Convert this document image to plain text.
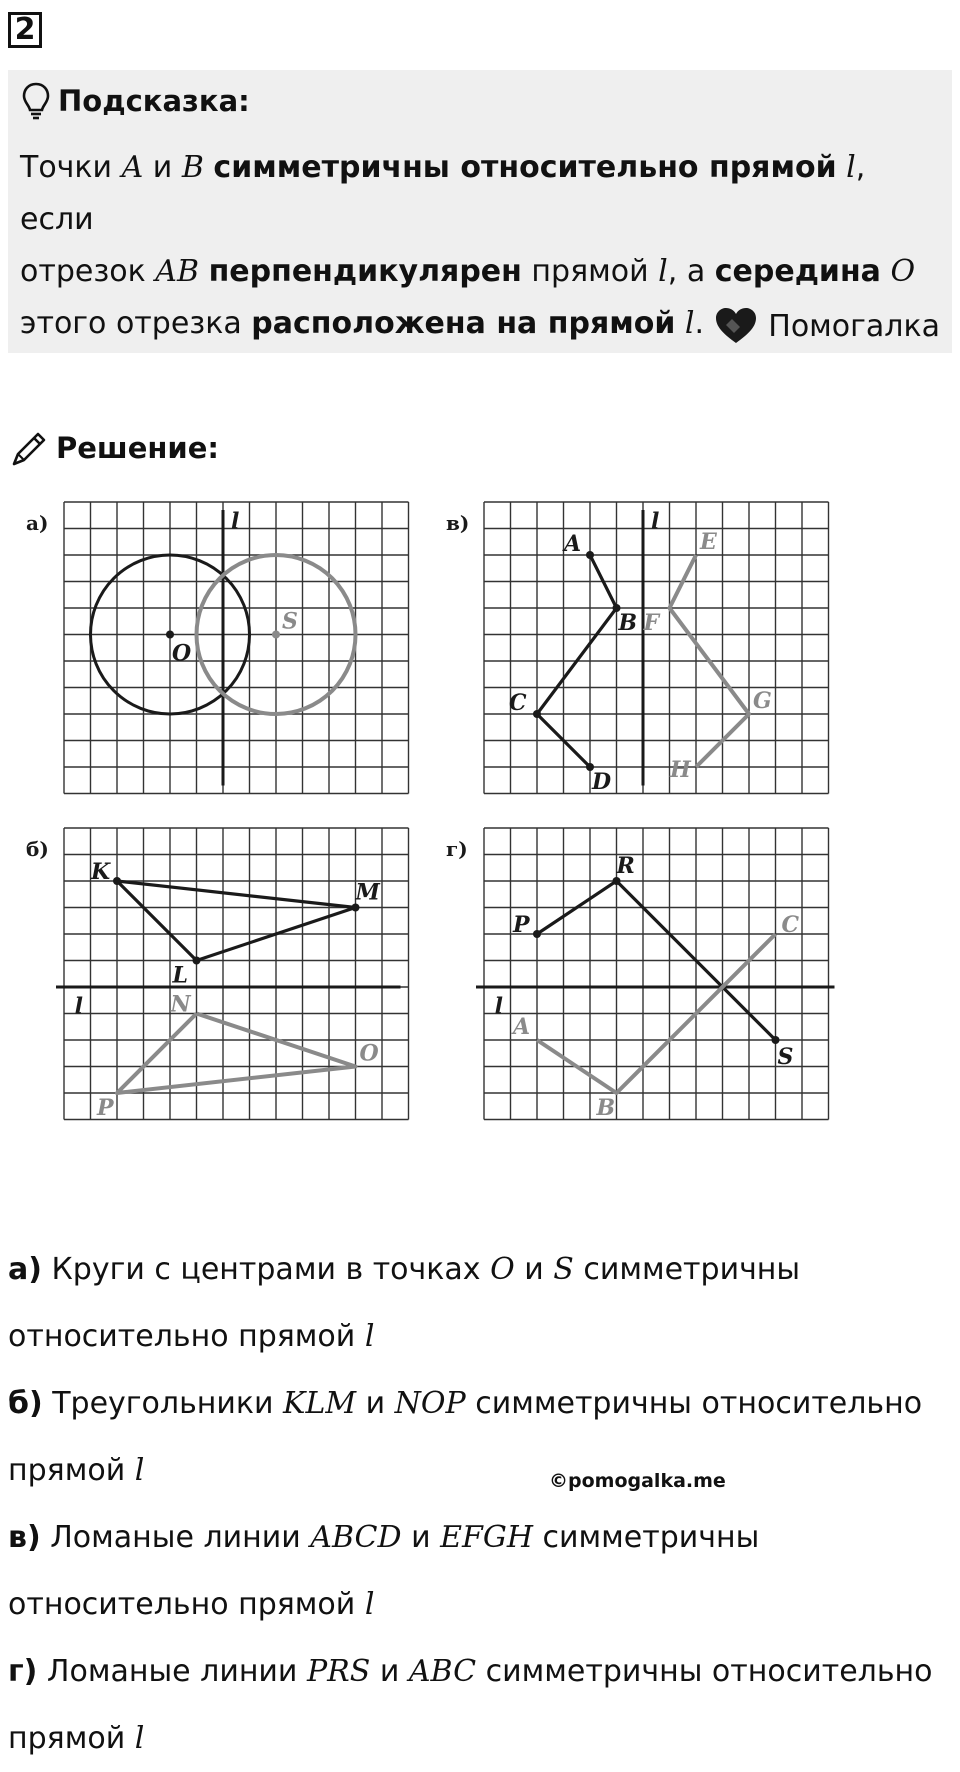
2
Подсказка:
Точки A и B симметричны относительно прямой l, если
отрезок AB перпендикулярен прямой l, а середина O
этого отрезка расположена на прямой l.	Помогалка
Решение:
а)	l
O
S
в)	l
A
B
C
D
E
F
G
H
б)
l
K
L
M
N
O
P
г)
l
P
R
S
A
B
C

а) Круги с центрами в точках O и S симметричны

относительно прямой l

б) Треугольники KLM и NOP симметричны относительно

прямой l

в) Ломаные линии ABCD и EFGH симметричны

относительно прямой l

г) Ломаные линии PRS и ABC симметричны относительно

прямой l

©pomogalka.me
